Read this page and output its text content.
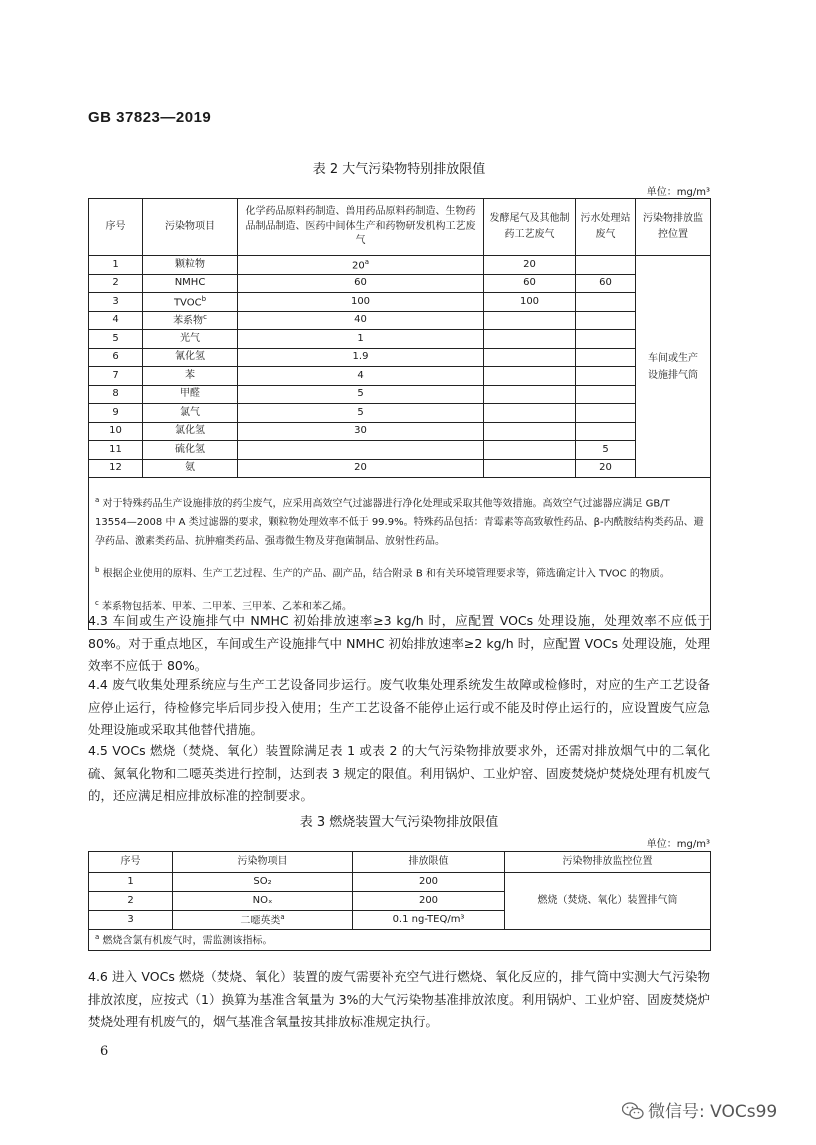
GB 37823—2019
表 2 大气污染物特别排放限值
单位：mg/m³
序号	污染物项目	化学药品原料药制造、兽用药品原料药制造、生物药品制品制造、医药中间体生产和药物研发机构工艺废气	发酵尾气及其他制药工艺废气	污水处理站废气	污染物排放监控位置
1	颗粒物	20$^a$	20		车间或生产设施排气筒
2	NMHC	60	60	60	
3	TVOC$^b$	100	100		
4	苯系物$^c$	40			
5	光气	1			
6	氰化氢	1.9			
7	苯	4			
8	甲醛	5			
9	氯气	5			
10	氯化氢	30			
11	硫化氢			5	
12	氨	20		20	

$^a$ 对于特殊药品生产设施排放的药尘废气，应采用高效空气过滤器进行净化处理或采取其他等效措施。高效空气过滤器应满足 GB/T 13554—2008 中 A 类过滤器的要求，颗粒物处理效率不低于 99.9%。特殊药品包括：青霉素等高致敏性药品、β-内酰胺结构类药品、避孕药品、激素类药品、抗肿瘤类药品、强毒微生物及芽孢菌制品、放射性药品。

$^b$ 根据企业使用的原料、生产工艺过程、生产的产品、副产品，结合附录 B 和有关环境管理要求等，筛选确定计入 TVOC 的物质。

$^c$ 苯系物包括苯、甲苯、二甲苯、三甲苯、乙苯和苯乙烯。					

4.3 车间或生产设施排气中 NMHC 初始排放速率≥3 kg/h 时，应配置 VOCs 处理设施，处理效率不应低于 80%。对于重点地区，车间或生产设施排气中 NMHC 初始排放速率≥2 kg/h 时，应配置 VOCs 处理设施，处理效率不应低于 80%。
4.4 废气收集处理系统应与生产工艺设备同步运行。废气收集处理系统发生故障或检修时，对应的生产工艺设备应停止运行，待检修完毕后同步投入使用；生产工艺设备不能停止运行或不能及时停止运行的，应设置废气应急处理设施或采取其他替代措施。
4.5 VOCs 燃烧（焚烧、氧化）装置除满足表 1 或表 2 的大气污染物排放要求外，还需对排放烟气中的二氧化硫、氮氧化物和二噁英类进行控制，达到表 3 规定的限值。利用锅炉、工业炉窑、固废焚烧炉焚烧处理有机废气的，还应满足相应排放标准的控制要求。
表 3 燃烧装置大气污染物排放限值
单位：mg/m³
序号	污染物项目	排放限值	污染物排放监控位置
1	SO₂	200	燃烧（焚烧、氧化）装置排气筒
2	NOₓ	200	
3	二噁英类$^a$	0.1 ng-TEQ/m³	
$^a$ 燃烧含氯有机废气时，需监测该指标。			
4.6 进入 VOCs 燃烧（焚烧、氧化）装置的废气需要补充空气进行燃烧、氧化反应的，排气筒中实测大气污染物排放浓度，应按式（1）换算为基准含氧量为 3%的大气污染物基准排放浓度。利用锅炉、工业炉窑、固废焚烧炉焚烧处理有机废气的，烟气基准含氧量按其排放标准规定执行。
6
微信号: VOCs99
